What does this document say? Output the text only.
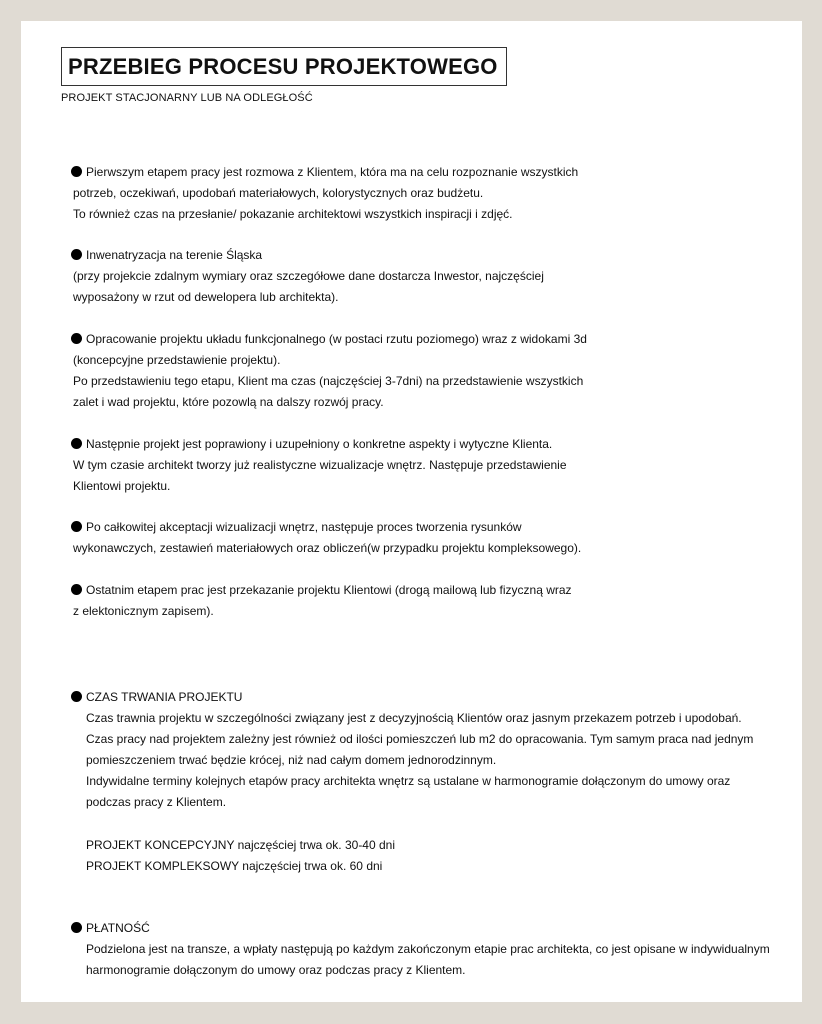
PRZEBIEG PROCESU PROJEKTOWEGO
PROJEKT STACJONARNY LUB NA ODLEGŁOŚĆ
Pierwszym etapem pracy jest rozmowa z Klientem, która ma na celu rozpoznanie wszystkich
potrzeb, oczekiwań, upodobań materiałowych, kolorystycznych oraz budżetu.
To również czas na przesłanie/ pokazanie architektowi wszystkich inspiracji i zdjęć.
Inwenatryzacja na terenie Śląska
(przy projekcie zdalnym wymiary oraz szczegółowe dane dostarcza Inwestor, najczęściej
wyposażony w rzut od dewelopera lub architekta).
Opracowanie projektu układu funkcjonalnego (w postaci rzutu poziomego) wraz z widokami 3d
(koncepcyjne przedstawienie projektu).
Po przedstawieniu tego etapu, Klient ma czas (najczęściej 3-7dni) na przedstawienie wszystkich
zalet i wad projektu, które pozowlą na dalszy rozwój pracy.
Następnie projekt jest poprawiony i uzupełniony o konkretne aspekty i wytyczne Klienta.
W tym czasie architekt tworzy już realistyczne wizualizacje wnętrz. Następuje przedstawienie
Klientowi projektu.
Po całkowitej akceptacji wizualizacji wnętrz, następuje proces tworzenia rysunków
wykonawczych, zestawień materiałowych oraz obliczeń(w przypadku projektu kompleksowego).
Ostatnim etapem prac jest przekazanie projektu Klientowi (drogą mailową lub fizyczną wraz
z elektonicznym zapisem).
CZAS TRWANIA PROJEKTU
Czas trawnia projektu w szczególności związany jest z decyzyjnością Klientów oraz jasnym przekazem potrzeb i upodobań.
Czas pracy nad projektem zależny jest również od ilości pomieszczeń lub m2 do opracowania. Tym samym praca nad jednym
pomieszczeniem trwać będzie krócej, niż nad całym domem jednorodzinnym.
Indywidalne terminy kolejnych etapów pracy architekta wnętrz są ustalane w harmonogramie dołączonym do umowy oraz
podczas pracy z Klientem.
PROJEKT KONCEPCYJNY najczęściej trwa ok. 30-40 dni
PROJEKT KOMPLEKSOWY najczęściej trwa ok. 60 dni
PŁATNOŚĆ
Podzielona jest na transze, a wpłaty następują po każdym zakończonym etapie prac architekta, co jest opisane w indywidualnym
harmonogramie dołączonym do umowy oraz podczas pracy z Klientem.
